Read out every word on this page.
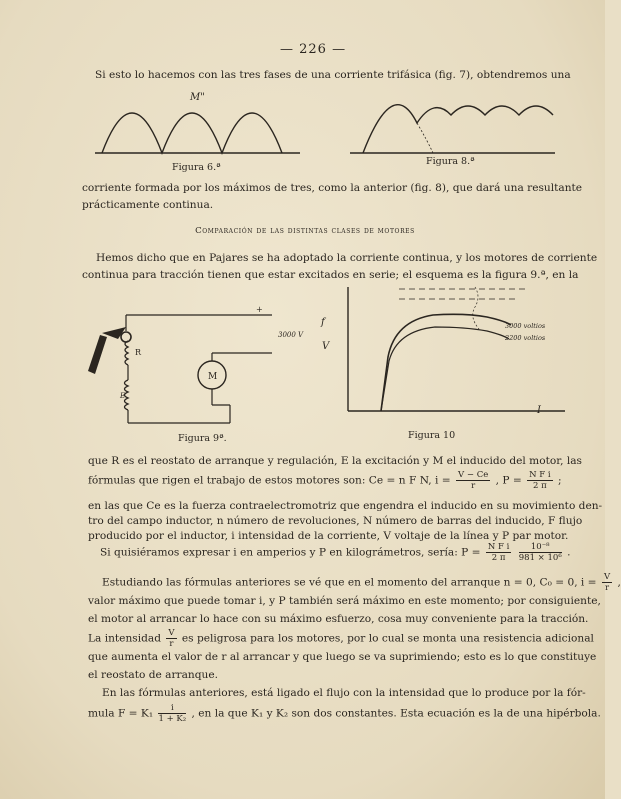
— 226 —
Si esto lo hacemos con las tres fases de una corriente trifásica (fig. 7), obtendremos una
M"
Figura 6.ª
Figura 8.ª
corriente formada por los máximos de tres, como la anterior (fig. 8), que dará una resultante
prácticamente continua.
Comparación de las distintas clases de motores
Hemos dicho que en Pajares se ha adoptado la corriente continua, y los motores de corriente
continua para tracción tienen que estar excitados en serie; el esquema es la figura 9.ª, en la
R
E
M
+
3000 V
Figura 9ª.
f
V
I
3000 voltios
2200 voltios
Figura 10
que R es el reostato de arranque y regulación, E la excitación y M el inducido del motor, las
fórmulas que rigen el trabajo de estos motores son: Ce = n F N, $i = \frac{V - Ce}{r}$ , $P = \frac{\text{N F i}}{2 \pi}$ ;
en las que Ce es la fuerza contraelectromotriz que engendra el inducido en su movimiento den-
tro del campo inductor, n número de revoluciones, N número de barras del inducido, F flujo
producido por el inductor, i intensidad de la corriente, V voltaje de la línea y P par motor.
Si quisiéramos expresar i en amperios y P en kilográmetros, sería: $P = \frac{\text{N F i}}{2 \pi}$
$\frac{\text{10⁻⁸}}{\text{981 × 10⁶}}$ .
Estudiando las fórmulas anteriores se vé que en el momento del arranque n = 0, C₀ = 0, $i = \frac{V}{r}$ ,
valor máximo que puede tomar i, y P también será máximo en este momento; por consiguiente,
el motor al arrancar lo hace con su máximo esfuerzo, cosa muy conveniente para la tracción.
La intensidad $\frac{V}{r}$ es peligrosa para los motores, por lo cual se monta una resistencia adicional
que aumenta el valor de r al arrancar y que luego se va suprimiendo; esto es lo que constituye
el reostato de arranque.
En las fórmulas anteriores, está ligado el flujo con la intensidad que lo produce por la fór-
mula $F = K_1 \frac{i}{\text{1 + K₂}}$ , en la que K₁ y K₂ son dos constantes. Esta ecuación es la de una hipérbola.
